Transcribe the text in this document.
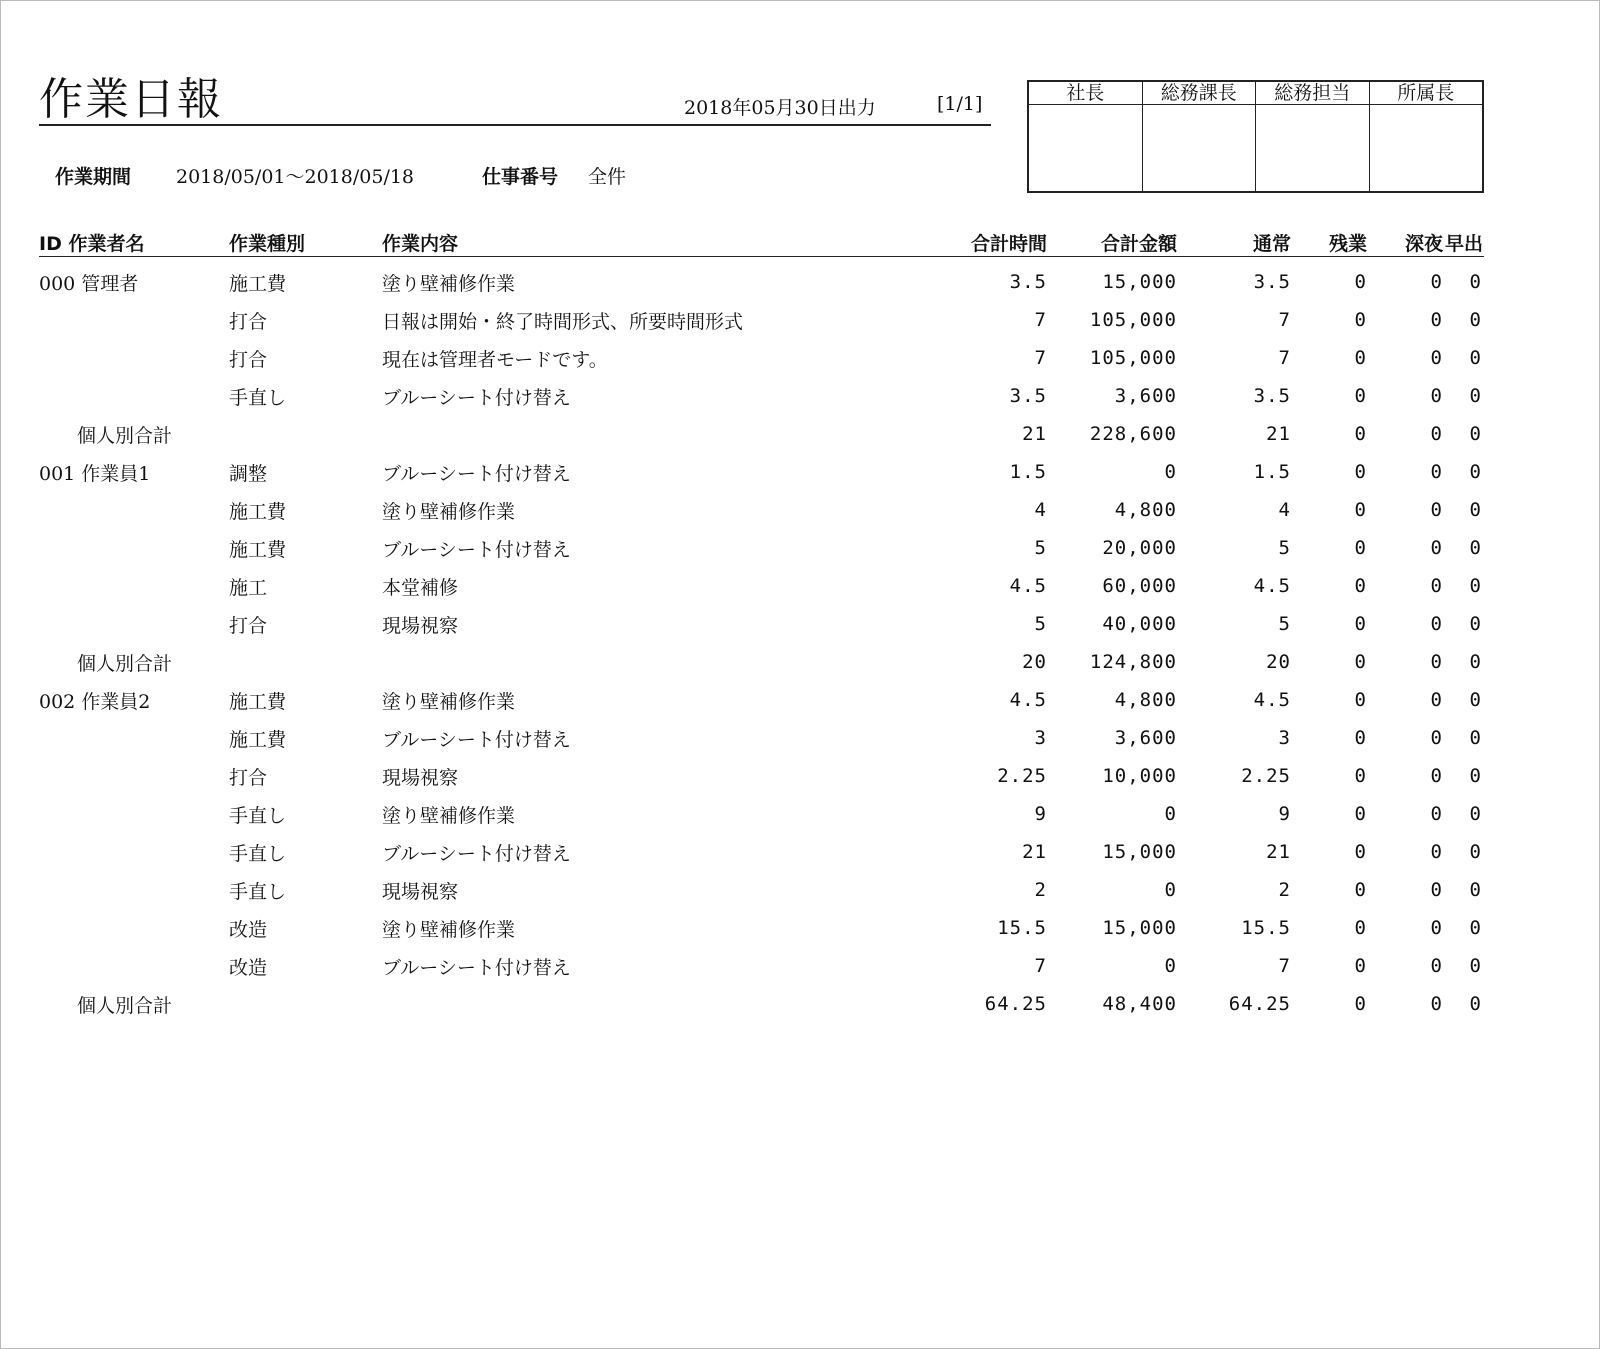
作業日報	2018年05月30日出力	[1/1]
作業期間 2018/05/01～2018/05/18	仕事番号 全件
社長	総務課長	総務担当	所属長
ID 作業者名	作業種別	作業内容	合計時間	合計金額	通常	残業	深夜	早出
000 管理者	施工費	塗り壁補修作業	3.5	15,000	3.5	0	0	0
	打合	日報は開始・終了時間形式、所要時間形式	7	105,000	7	0	0	0
	打合	現在は管理者モードです。	7	105,000	7	0	0	0
	手直し	ブルーシート付け替え	3.5	3,600	3.5	0	0	0
個人別合計			21	228,600	21	0	0	0
001 作業員1	調整	ブルーシート付け替え	1.5	0	1.5	0	0	0
	施工費	塗り壁補修作業	4	4,800	4	0	0	0
	施工費	ブルーシート付け替え	5	20,000	5	0	0	0
	施工	本堂補修	4.5	60,000	4.5	0	0	0
	打合	現場視察	5	40,000	5	0	0	0
個人別合計			20	124,800	20	0	0	0
002 作業員2	施工費	塗り壁補修作業	4.5	4,800	4.5	0	0	0
	施工費	ブルーシート付け替え	3	3,600	3	0	0	0
	打合	現場視察	2.25	10,000	2.25	0	0	0
	手直し	塗り壁補修作業	9	0	9	0	0	0
	手直し	ブルーシート付け替え	21	15,000	21	0	0	0
	手直し	現場視察	2	0	2	0	0	0
	改造	塗り壁補修作業	15.5	15,000	15.5	0	0	0
	改造	ブルーシート付け替え	7	0	7	0	0	0
個人別合計			64.25	48,400	64.25	0	0	0
